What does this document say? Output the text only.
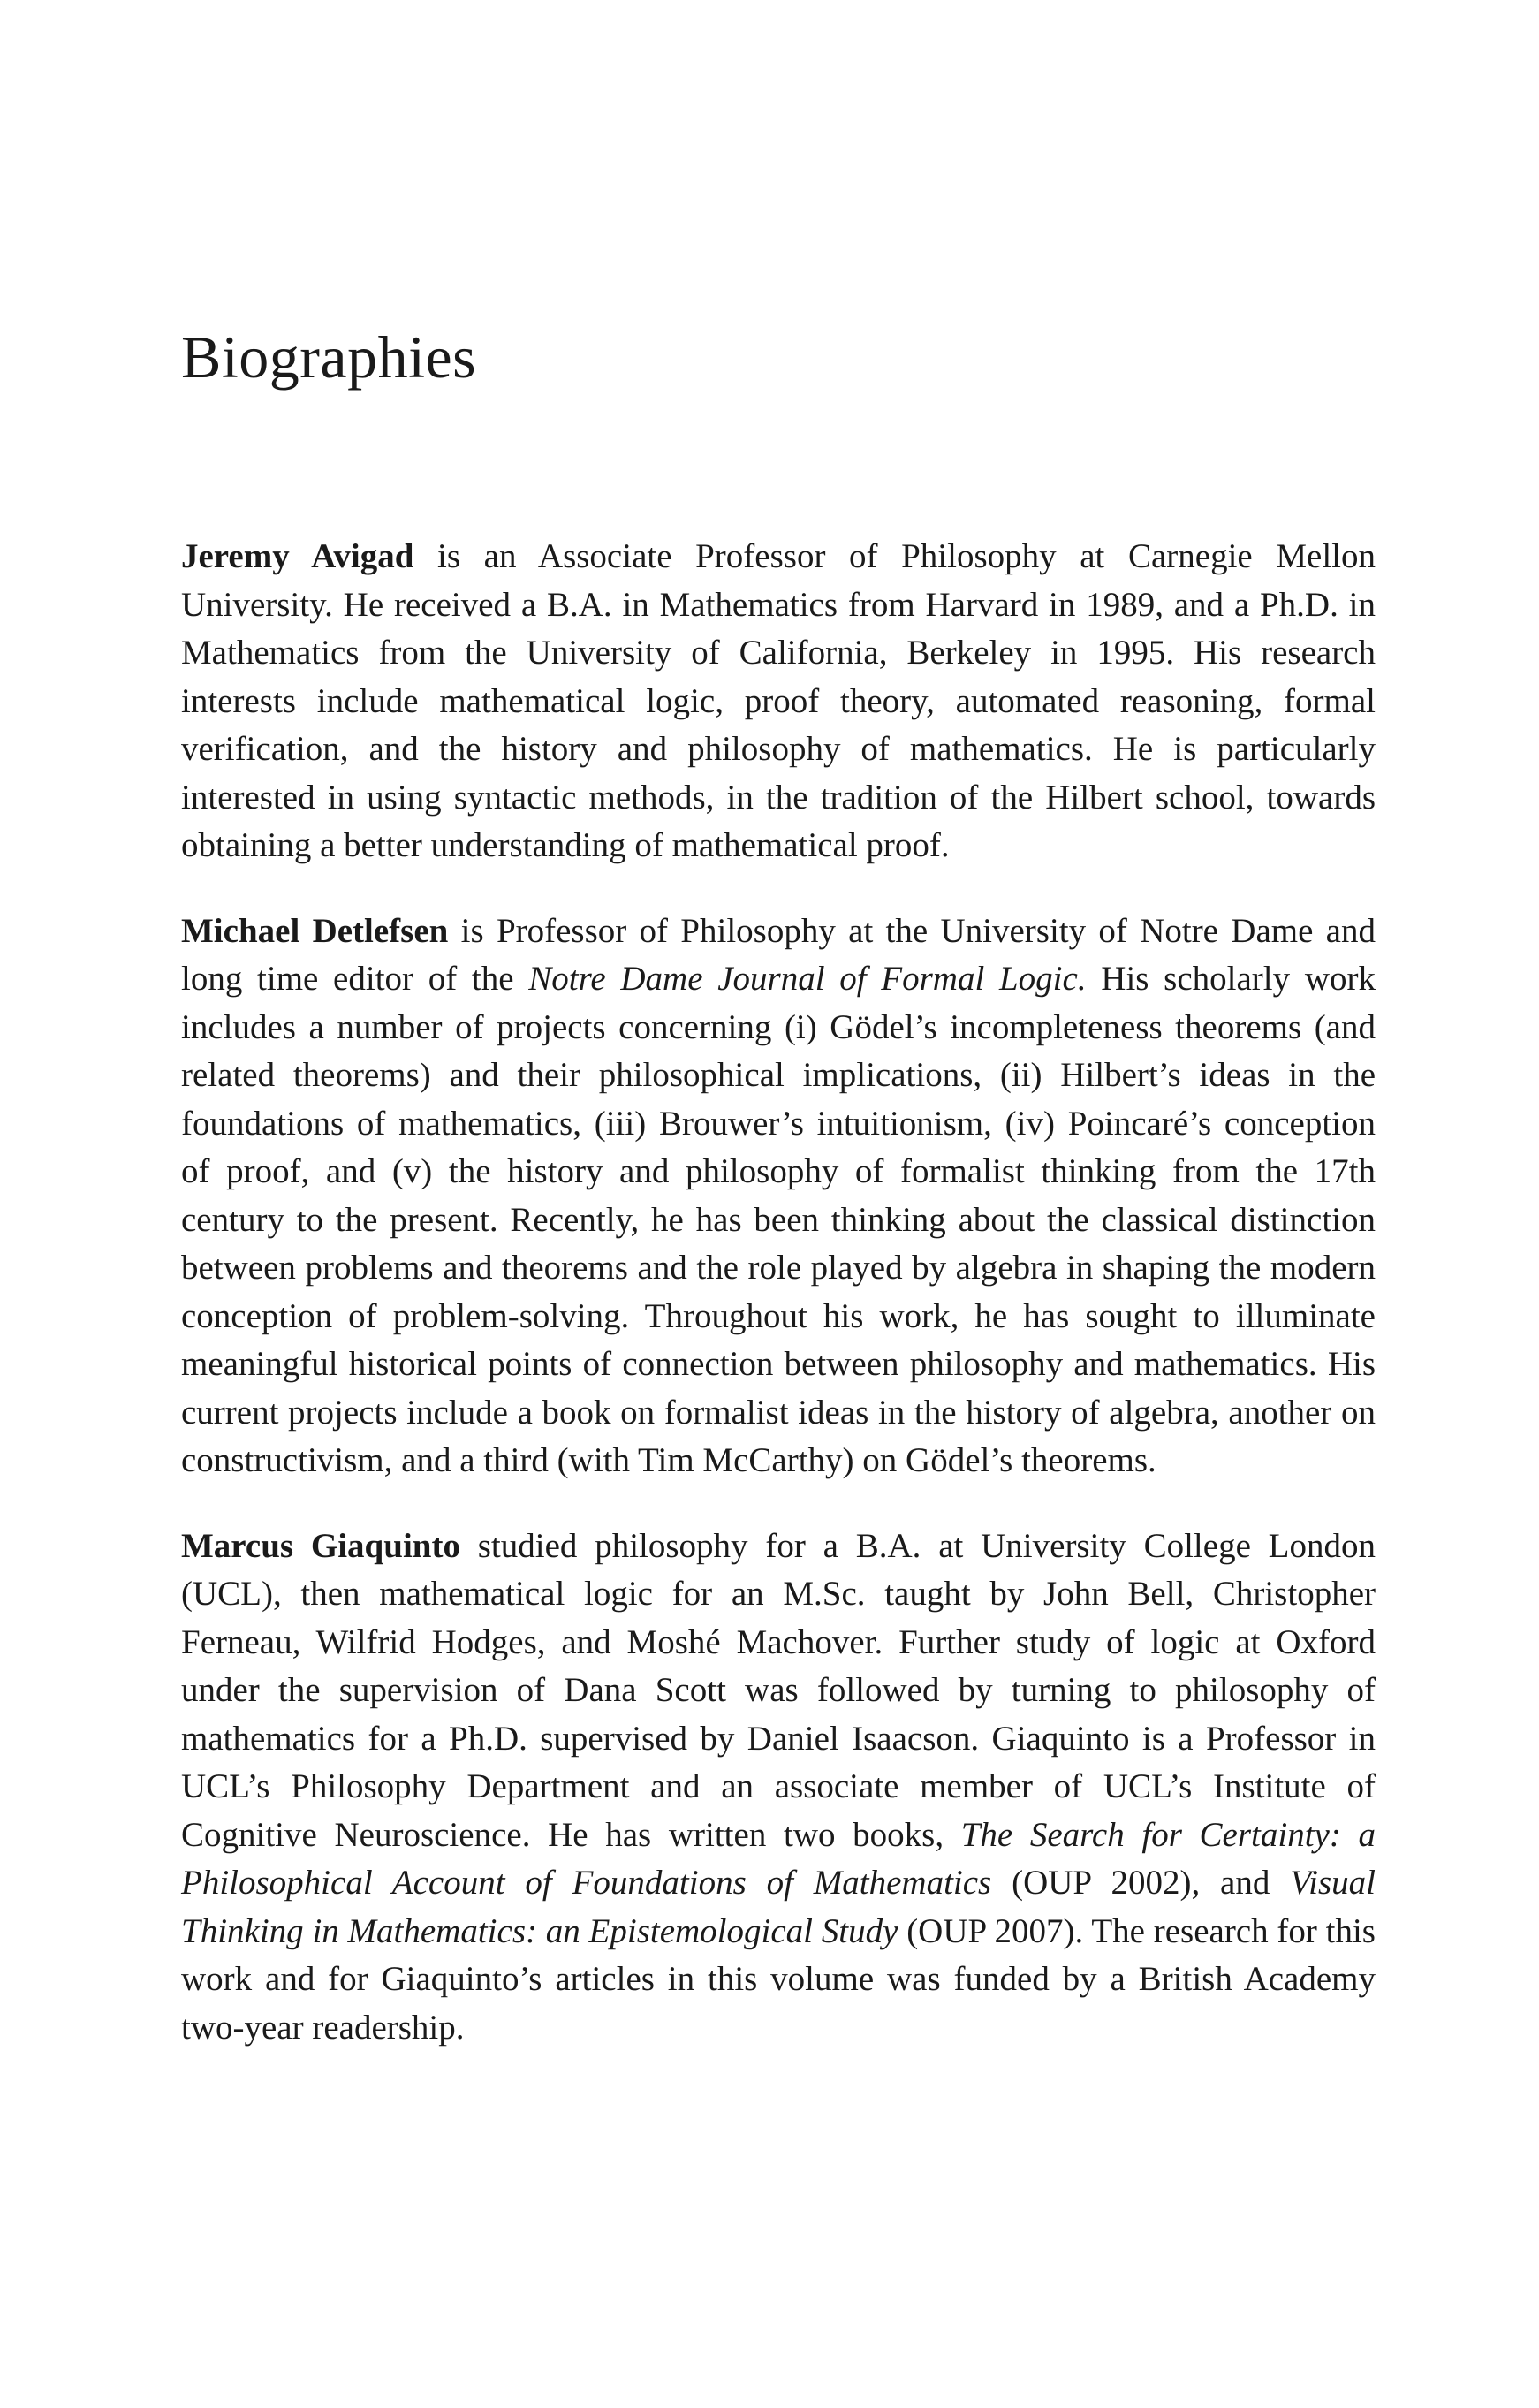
Biographies

Jeremy Avigad is an Associate Professor of Philosophy at Carnegie Mellon University. He received a B.A. in Mathematics from Harvard in 1989, and a Ph.D. in Mathematics from the University of California, Berkeley in 1995. His research interests include mathematical logic, proof theory, automated reasoning, formal verification, and the history and philosophy of mathematics. He is particularly interested in using syntactic methods, in the tradition of the Hilbert school, towards obtaining a better understanding of mathematical proof.

Michael Detlefsen is Professor of Philosophy at the University of Notre Dame and long time editor of the Notre Dame Journal of Formal Logic. His scholarly work includes a number of projects concerning (i) Gödel’s incompleteness theorems (and related theorems) and their philosophical implications, (ii) Hilbert’s ideas in the foundations of mathematics, (iii) Brouwer’s intuitionism, (iv) Poincaré’s conception of proof, and (v) the history and philosophy of formalist thinking from the 17th century to the present. Recently, he has been thinking about the classical distinction between problems and theorems and the role played by algebra in shaping the modern conception of problem-solving. Throughout his work, he has sought to illuminate meaningful historical points of connection between philosophy and mathematics. His current projects include a book on formalist ideas in the history of algebra, another on constructivism, and a third (with Tim McCarthy) on Gödel’s theorems.

Marcus Giaquinto studied philosophy for a B.A. at University College London (UCL), then mathematical logic for an M.Sc. taught by John Bell, Christopher Ferneau, Wilfrid Hodges, and Moshé Machover. Further study of logic at Oxford under the supervision of Dana Scott was followed by turning to philosophy of mathematics for a Ph.D. supervised by Daniel Isaacson. Giaquinto is a Professor in UCL’s Philosophy Department and an associate member of UCL’s Institute of Cognitive Neuroscience. He has written two books, The Search for Certainty: a Philosophical Account of Foundations of Mathematics (OUP 2002), and Visual Thinking in Mathematics: an Epistemological Study (OUP 2007). The research for this work and for Giaquinto’s articles in this volume was funded by a British Academy two-year readership.
